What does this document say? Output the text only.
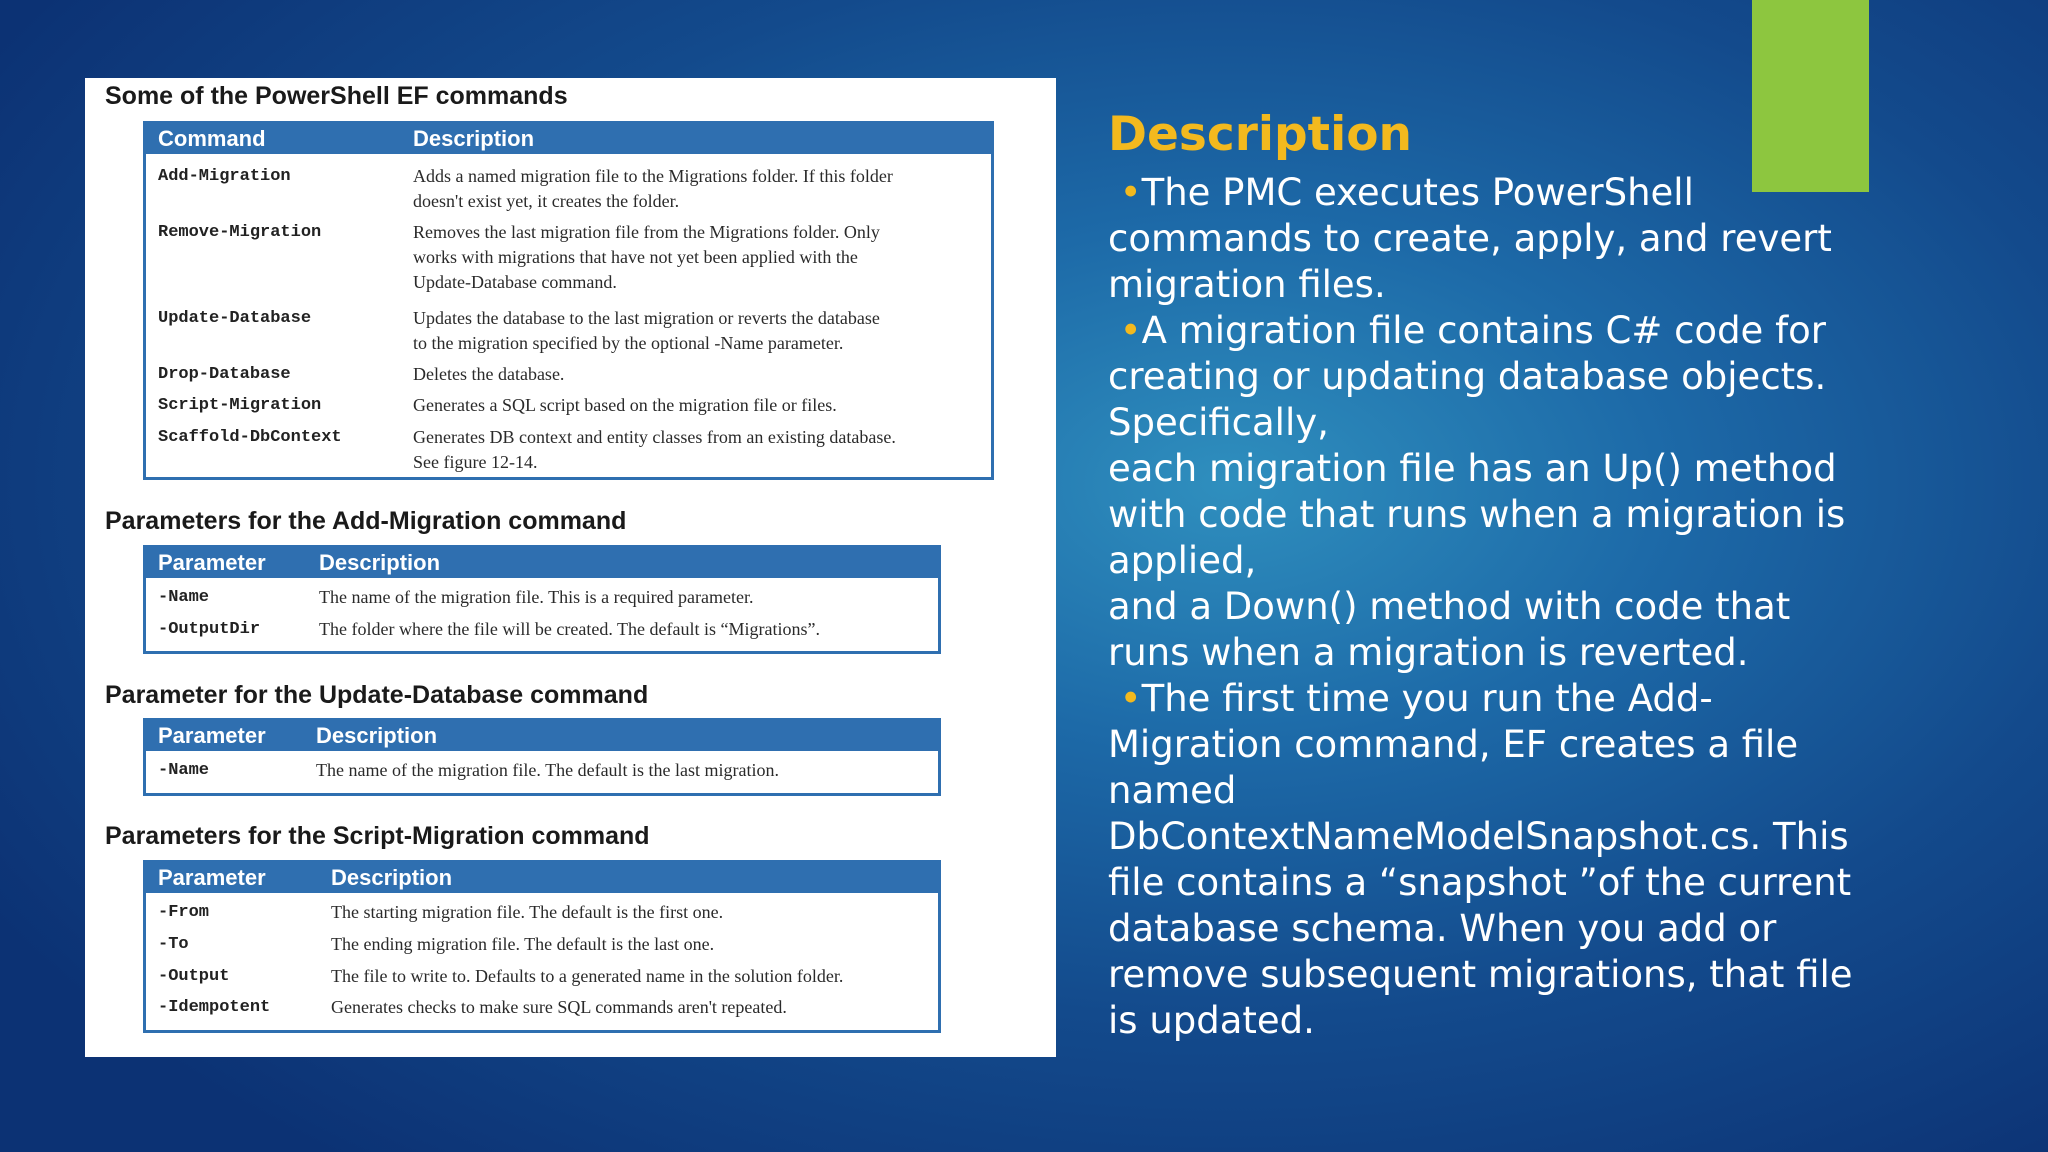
Some of the PowerShell EF commands
Command	Description
Add-Migration	Adds a named migration file to the Migrations folder. If this folder
doesn't exist yet, it creates the folder.
Remove-Migration	Removes the last migration file from the Migrations folder. Only
works with migrations that have not yet been applied with the
Update-Database command.
Update-Database	Updates the database to the last migration or reverts the database
to the migration specified by the optional -Name parameter.
Drop-Database	Deletes the database.
Script-Migration	Generates a SQL script based on the migration file or files.
Scaffold-DbContext	Generates DB context and entity classes from an existing database.
See figure 12-14.
Parameters for the Add-Migration command
Parameter Description
-Name	The name of the migration file. This is a required parameter.
-OutputDir	The folder where the file will be created. The default is “Migrations”.
Parameter for the Update-Database command
Parameter Description
-Name	The name of the migration file. The default is the last migration.
Parameters for the Script-Migration command
Parameter	Description
-From	The starting migration file. The default is the first one.
-To	The ending migration file. The default is the last one.
-Output	The file to write to. Defaults to a generated name in the solution folder.
-Idempotent	Generates checks to make sure SQL commands aren't repeated.
Description

•The PMC executes PowerShell

commands to create, apply, and revert

migration files.

•A migration file contains C# code for

creating or updating database objects.

Specifically,

each migration file has an Up() method

with code that runs when a migration is

applied,

and a Down() method with code that

runs when a migration is reverted.

•The first time you run the Add-

Migration command, EF creates a file

named

DbContextNameModelSnapshot.cs. This

file contains a “snapshot ”of the current

database schema. When you add or

remove subsequent migrations, that file

is updated.
